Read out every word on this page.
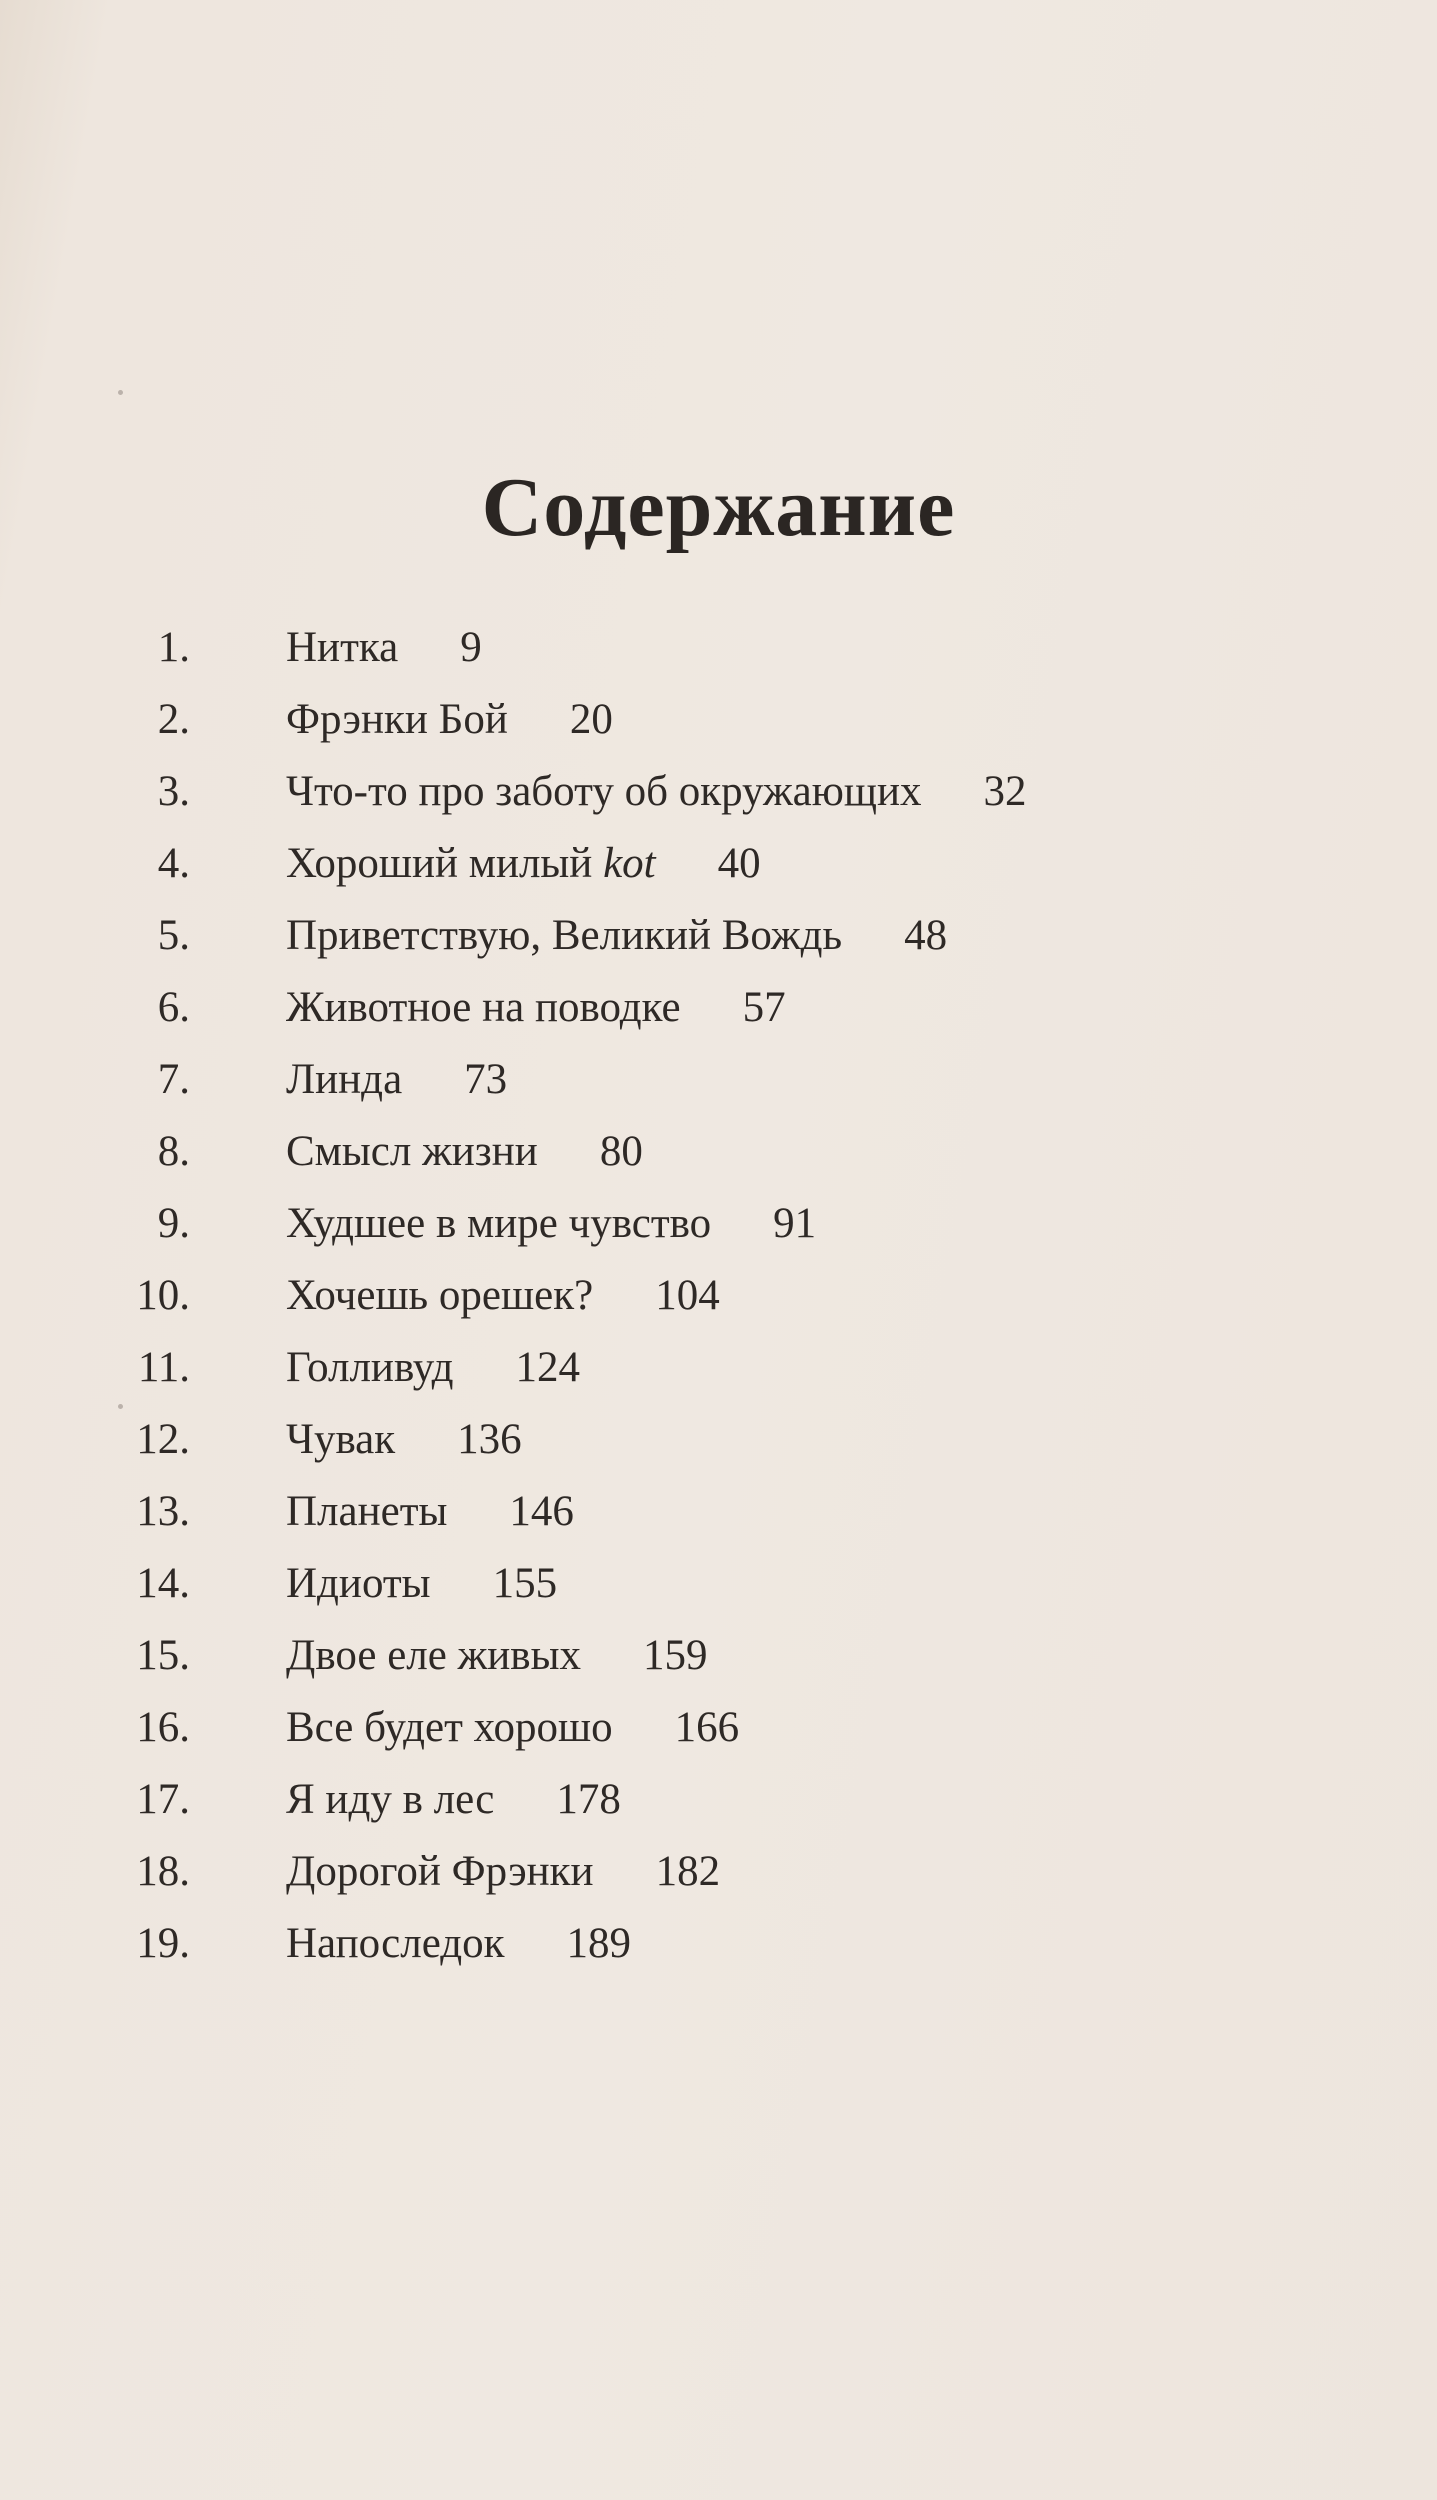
Содержание
1. Нитка 9
2. Фрэнки Бой 20
3. Что-то про заботу об окружающих 32
4. Хороший милый kot 40
5. Приветствую, Великий Вождь 48
6. Животное на поводке 57
7. Линда 73
8. Смысл жизни 80
9. Худшее в мире чувство 91
10. Хочешь орешек? 104
11. Голливуд 124
12. Чувак 136
13. Планеты 146
14. Идиоты 155
15. Двое еле живых 159
16. Все будет хорошо 166
17. Я иду в лес 178
18. Дорогой Фрэнки 182
19. Напоследок 189
